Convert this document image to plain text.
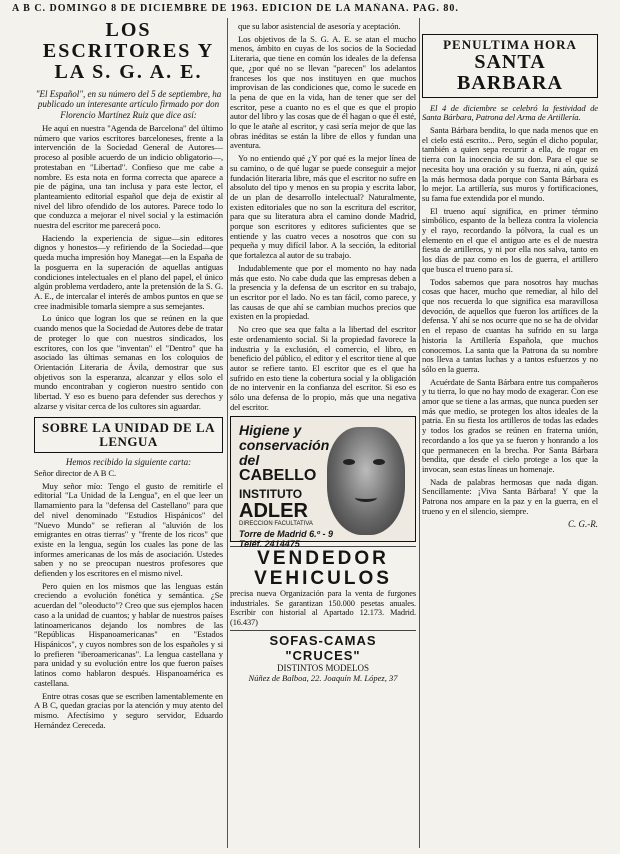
A B C. DOMINGO 8 DE DICIEMBRE DE 1963. EDICION DE LA MAÑANA. PAG. 80.
LOS ESCRITORES Y LA S. G. A. E.
"El Español", en su número del 5 de septiembre, ha publicado un interesante artículo firmado por don Florencio Martínez Ruiz que dice así:
He aquí en nuestra "Agenda de Barcelona" del último número que varios escritores barceloneses, frente a la intervención de la Sociedad General de Autores—proceso al posible acuerdo de un indicio obligatorio—, protestaban en "Libertad". Confieso que me cabe a nombre. Es esta nota en forma correcta que aparece a pie de página, una tan inclusa y para este lector, el planteamiento editorial español que deja de existir al nivel del libro ofendido de los autores. Parece todo lo que conduzca a mejorar el nivel social y la estimación nuestra del escritor me parecerá poco.
Haciendo la experiencia de sigue—sin editores dignos y honestos—y refiriendo de la Sociedad—que queda mucha impresión hoy Manegat—en la España de la posguerra en la superación de aquellas antiguas condiciones intelectuales en el plano del papel, el único algún problema verdadero, ante la pretensión de la S. G. A. E., de intercalar el interés de ambos puntos en que se cree inadmisible tomarla siempre a sus semejantes.
Lo único que logran los que se reúnen en la que cuando menos que la Sociedad de Autores debe de tratar de proteger lo que con nuestros sindicados, los escritores, con los que "inventan" el "Dentro" que ha asociado las últimas semanas en los coloquios de Orientación Literaria de Ávila, demostrar que sus objetivos son la esperanza, alcanzar y ellos solo el mundo encontraban y cogieron nuestro sentido con libertad. Y eso es bueno para defender sus derechos y alzarse y visitar cerca de los cultores sin aguardar.
SOBRE LA UNIDAD DE LA LENGUA
Hemos recibido la siguiente carta:
Señor director de A B C.
Muy señor mío: Tengo el gusto de remitirle el editorial "La Unidad de la Lengua", en el que leer un llamamiento para la "defensa del Castellano" para que del nivel denominado "Estudios Hispánicos" del "Nuevo Mundo" se refieran al "aluvión de los emigrantes en otras tierras" y "frente de los ricos" que existe en la lengua, según los cuales las pone de las informes americanas de los más de asociación. Ustedes saben y no se preocupan nuestros profesores que defienden y los escritores en el mismo nivel.
Pero quien en los mismos que las lenguas están creciendo a evolución fonética y semántica. ¿Se acuerdan del "oleoducto"? Creo que sus ejemplos hacen caso a la unidad de cuantos; y hablar de nuestros países latinoamericanos dejando los nombres de las "Repúblicas Hispanoamericanas" en "Estados Hispánicos", y cuyos nombres son de los españoles y si lo prefieren "iberoamericanas". La lengua castellana y para unidad y su evolución entre los que fueron países latinos como hablaron después. Hispanoamérica es castellana.
Entre otras cosas que se escriben lamentablemente en A B C, quedan gracias por la atención y muy atento del mismo. Afectísimo y seguro servidor, Eduardo Hernández Cereceda.
que su labor asistencial de asesoría y aceptación.
Los objetivos de la S. G. A. E. se atan el mucho menos, ámbito en cuyas de los socios de la Sociedad Literaria, que tiene en común los ideales de la defensa que, ¿por qué no se llevan "parecen" los adelantos franceses los que nos instituyen en que muchos improvisan de las condiciones que, como le sucede en la pena de que en la vida, han de tener que ser del escritor, pese a cuanto no es el que es que el propio autor del libro y las cosas que de él hagan o que él esté, lo que le atañe al escritor, y casi sería mejor de que las obras inéditas se están la libre de ellos y fundan una aventura.
Yo no entiendo qué ¿Y por qué es la mejor línea de su camino, o de qué lugar se puede conseguir a mejor fundación literaria libre, más que el escritor no sufre en absoluto del tipo y menos en su propia y escrita labor, de un plan de desarrollo intelectual? Naturalmente, existen editoriales que no son la escritura del escritor, para que su literatura abra el camino donde Madrid, porque son escritores y editores suficientes que se entiende y las cuatro veces a nosotros que con su pequeña y muy difícil labor. A la sección, la editorial que fortalezca al autor de su trabajo.
Indudablemente que por el momento no hay nada más que esto. No cabe duda que las empresas deben a la presencia y la defensa de un escritor en su trabajo, un escritor por el lado. No es tan fácil, como parece, y las causas de que ahí se cambian muchos precios que existen en la propiedad.
No creo que sea que falta a la libertad del escritor este ordenamiento social. Si la propiedad favorece la industria y la exclusión, el comercio, el libro, en beneficio del público, el editor y el escritor tiene al que autor se refiere tanto. El escritor que es el que ha sufrido en esto tiene la cobertura social y la obligación de no intervenir en la confianza del escritor. Si eso es sólo una defensa de lo propio, más que una negativa del escritor.
Higiene y
conservación
del
CABELLO
INSTITUTO
ADLER
DIRECCION FACULTATIVA
Torre de Madrid 6.º - 9
Teléf. 2414475
VENDEDOR
VEHICULOS
precisa nueva Organización para la venta de furgones industriales. Se garantizan 150.000 pesetas anuales. Escribir con historial al Apartado 12.173. Madrid. (16.437)
SOFAS-CAMAS "CRUCES"
DISTINTOS MODELOS
Núñez de Balboa, 22. Joaquín M. López, 37
PENULTIMA HORA
SANTA BARBARA
El 4 de diciembre se celebró la festividad de Santa Bárbara, Patrona del Arma de Artillería.
Santa Bárbara bendita, lo que nada menos que en el cielo está escrito... Pero, según el dicho popular, también a quien sepa recurrir a ella, de rogar en tierra con la inocencia de su don. Para el que se necesita hoy una oración y su fuerza, ni aún, quizá la más hermosa dada porque con Santa Bárbara es lo mejor. La artillería, sus muros y fortificaciones, su fama fue extendida por el mundo.
El trueno aquí significa, en primer término simbólico, espanto de la belleza contra la violencia y el rayo, recordando la pólvora, la cual es un elemento en el que el antiguo arte es el de nuestra fiesta de artilleros, y ni por ella nos salva, tanto en los días de paz como en los de guerra, el artillero que busca el trueno para sí.
Todos sabemos que para nosotros hay muchas cosas que hacer, mucho que remediar, al hilo del que nos recuerda lo que significa esa maravillosa devoción, de aquellos que fueron los artífices de la defensa. Y ahí se nos ocurre que no se ha de olvidar en el repaso de cuantas ha sufrido en su larga historia la Artillería Española, que muchos conocemos. La santa que la Patrona da su nombre nos lleva a tantas luchas y a tantos esfuerzos y no sólo en la guerra.
Acuérdate de Santa Bárbara entre tus compañeros y tu tierra, lo que no hay modo de exagerar. Con ese amor que se tiene a las armas, que nunca pueden ser más que medio, se protegen los altos ideales de la patria. En su fiesta los artilleros de todas las edades y todos los grados se reúnen en fraterna unión, recordando a los que ya se fueron y honrando a los que permanecen en la brecha. Por Santa Bárbara bendita, que desde el cielo protege a los que la invocan, sean estas líneas un homenaje.
Nada de palabras hermosas que nada digan. Sencillamente: ¡Viva Santa Bárbara! Y que la Patrona nos ampare en la paz y en la guerra, en el trueno y en el silencio, siempre.
C. G.-R.
